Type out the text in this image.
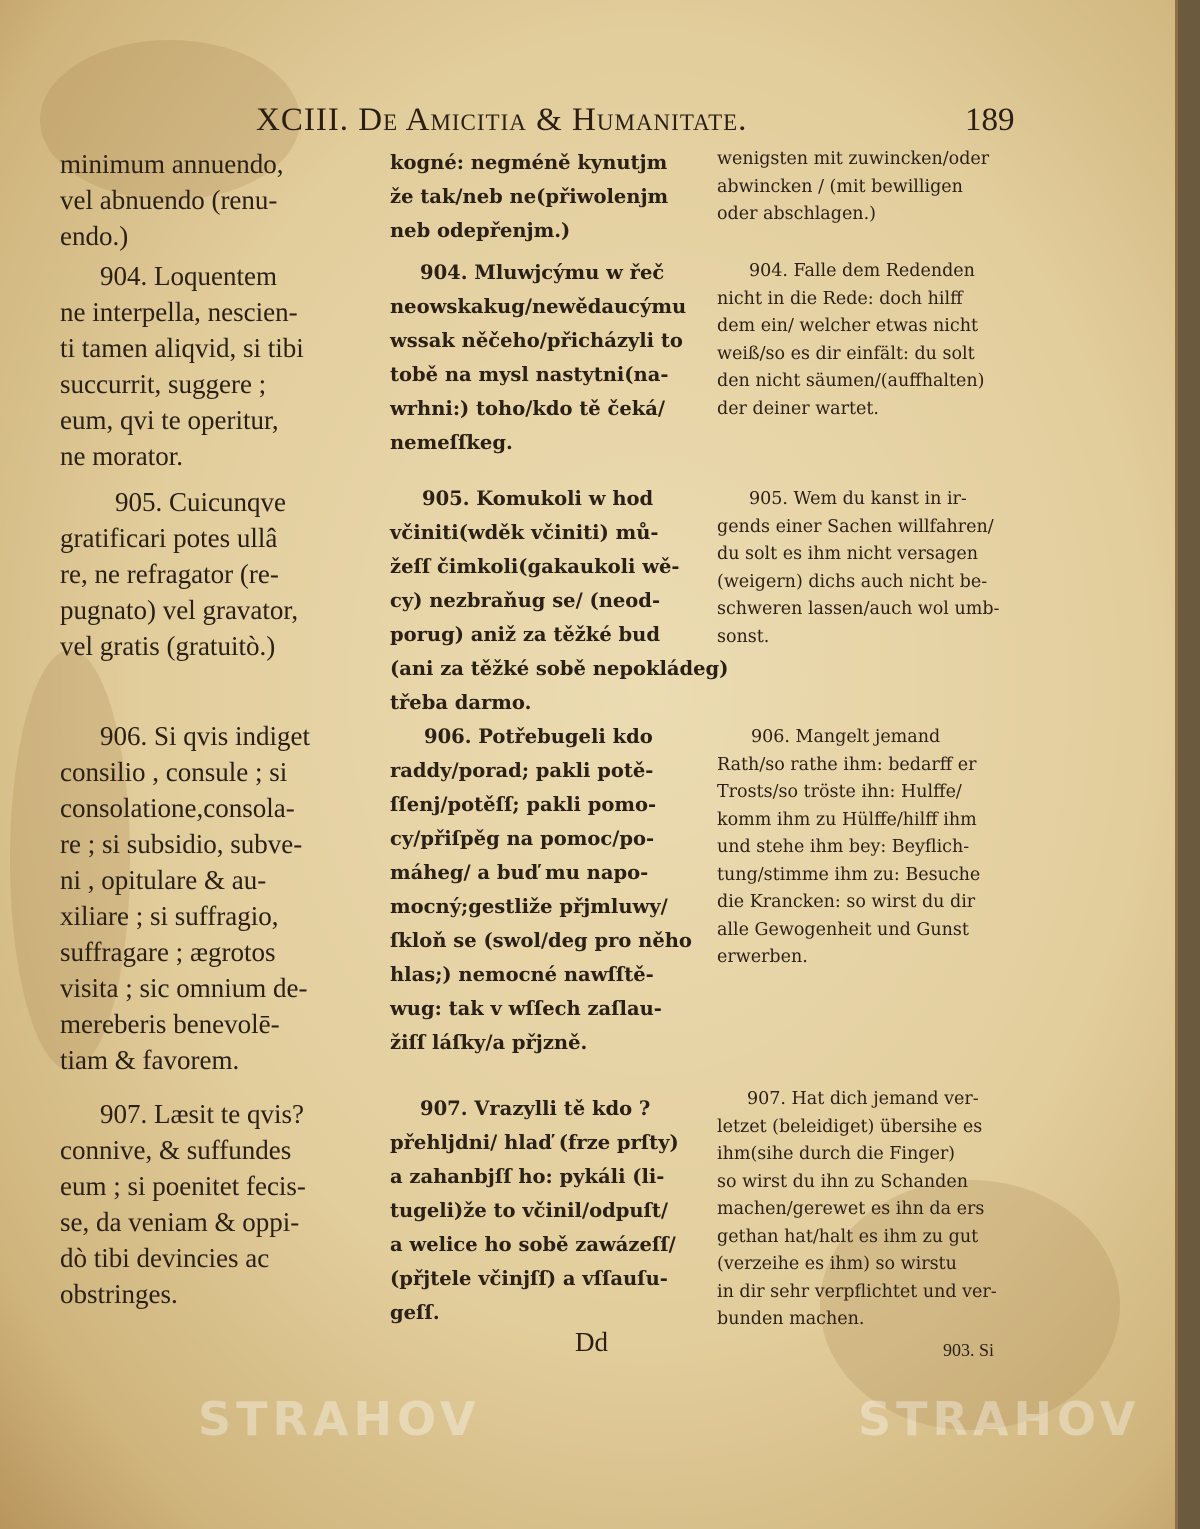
XCIII. De Amicitia & Humanitate.	189
minimum annuendo,
vel abnuendo (renu-
endo.)
904. Loquentem
ne interpella, nescien-
ti tamen aliqvid, si tibi
succurrit, suggere ;
eum, qvi te operitur,
ne morator.
905. Cuicunqve
gratificari potes ullâ
re, ne refragator (re-
pugnato) vel gravator,
vel gratis (gratuitò.)
906. Si qvis indiget
consilio , consule ; si
consolatione,consola-
re ; si subsidio, subve-
ni , opitulare & au-
xiliare ; si suffragio,
suffragare ; ægrotos
visita ; sic omnium de-
mereberis benevolē-
tiam & favorem.
907. Læsit te qvis?
connive, & suffundes
eum ; si poenitet fecis-
se, da veniam & oppi-
dò tibi devincies ac
obstringes.
kogné: negméně kynutjm
že tak/neb ne(přiwolenjm
neb odepřenjm.)
904. Mluwjcýmu w řeč
neowskakug/newědaucýmu
wssak něčeho/přicházyli to
tobě na mysl nastytni(na-
wrhni:) toho/kdo tě čeká/
nemeſſkeg.
905. Komukoli w hod
včiniti(wděk včiniti) mů-
žeſſ čimkoli(gakaukoli wě-
cy) nezbraňug se/ (neod-
porug) aniž za těžké bud
(ani za těžké sobě nepokládeg)
třeba darmo.
906. Potřebugeli kdo
raddy/porad; pakli potě-
ſſenj/potěſſ; pakli pomo-
cy/přiſpěg na pomoc/po-
máheg/ a buď mu napo-
mocný;gestliže přjmluwy/
ſkloň se (swol/deg pro něho
hlas;) nemocné nawſſtě-
wug: tak v wſſech zaſlau-
žiſſ láſky/a přjzně.
907. Vrazylli tě kdo ?
přehljdni/ hlaď (frze prſty)
a zahanbjſſ ho: pykáli (li-
tugeli)že to včinil/odpuſt/
a welice ho sobě zawázeſſ/
(přjtele včinjſſ) a vſſauſu-
geſſ.
wenigsten mit zuwincken/oder
abwincken / (mit bewilligen
oder abschlagen.)
904. Falle dem Redenden
nicht in die Rede: doch hilff
dem ein/ welcher etwas nicht
weiß/so es dir einfält: du solt
den nicht säumen/(auffhalten)
der deiner wartet.
905. Wem du kanst in ir-
gends einer Sachen willfahren/
du solt es ihm nicht versagen
(weigern) dichs auch nicht be-
schweren lassen/auch wol umb-
sonst.
906. Mangelt jemand
Rath/so rathe ihm: bedarff er
Trosts/so tröste ihn: Hulffe/
komm ihm zu Hülffe/hilff ihm
und stehe ihm bey: Beyflich-
tung/stimme ihm zu: Besuche
die Krancken: so wirst du dir
alle Gewogenheit und Gunst
erwerben.
907. Hat dich jemand ver-
letzet (beleidiget) übersihe es
ihm(sihe durch die Finger)
so wirst du ihn zu Schanden
machen/gerewet es ihn da ers
gethan hat/halt es ihm zu gut
(verzeihe es ihm) so wirstu
in dir sehr verpflichtet und ver-
bunden machen.
Dd	903. Si
STRAHOV	STRAHOV
